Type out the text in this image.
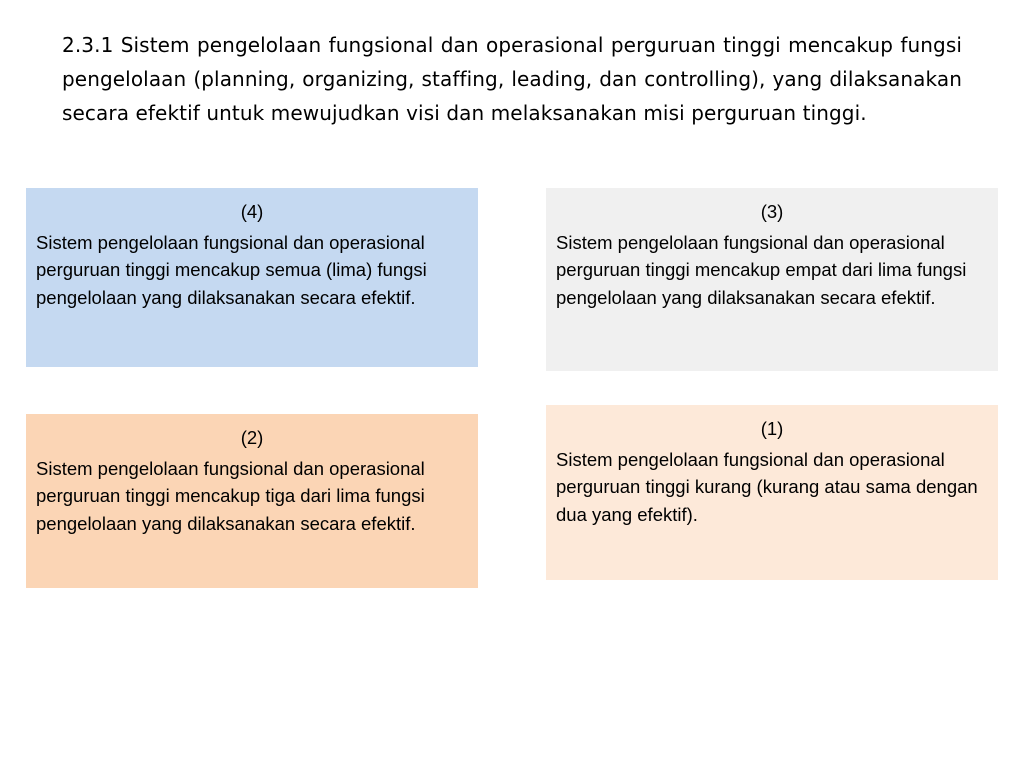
2.3.1 Sistem pengelolaan fungsional dan operasional perguruan tinggi mencakup fungsi pengelolaan (planning, organizing, staffing, leading, dan controlling), yang dilaksanakan secara efektif untuk mewujudkan visi dan melaksanakan misi perguruan tinggi.
(4)
Sistem pengelolaan fungsional dan operasional perguruan tinggi mencakup semua (lima) fungsi pengelolaan yang dilaksanakan secara efektif.
(3)
Sistem pengelolaan fungsional dan operasional perguruan tinggi mencakup empat dari lima fungsi pengelolaan yang dilaksanakan secara efektif.
(2)
Sistem pengelolaan fungsional dan operasional perguruan tinggi mencakup tiga dari lima fungsi pengelolaan yang dilaksanakan secara efektif.
(1)
Sistem pengelolaan fungsional dan operasional perguruan tinggi kurang (kurang atau sama dengan dua yang efektif).
